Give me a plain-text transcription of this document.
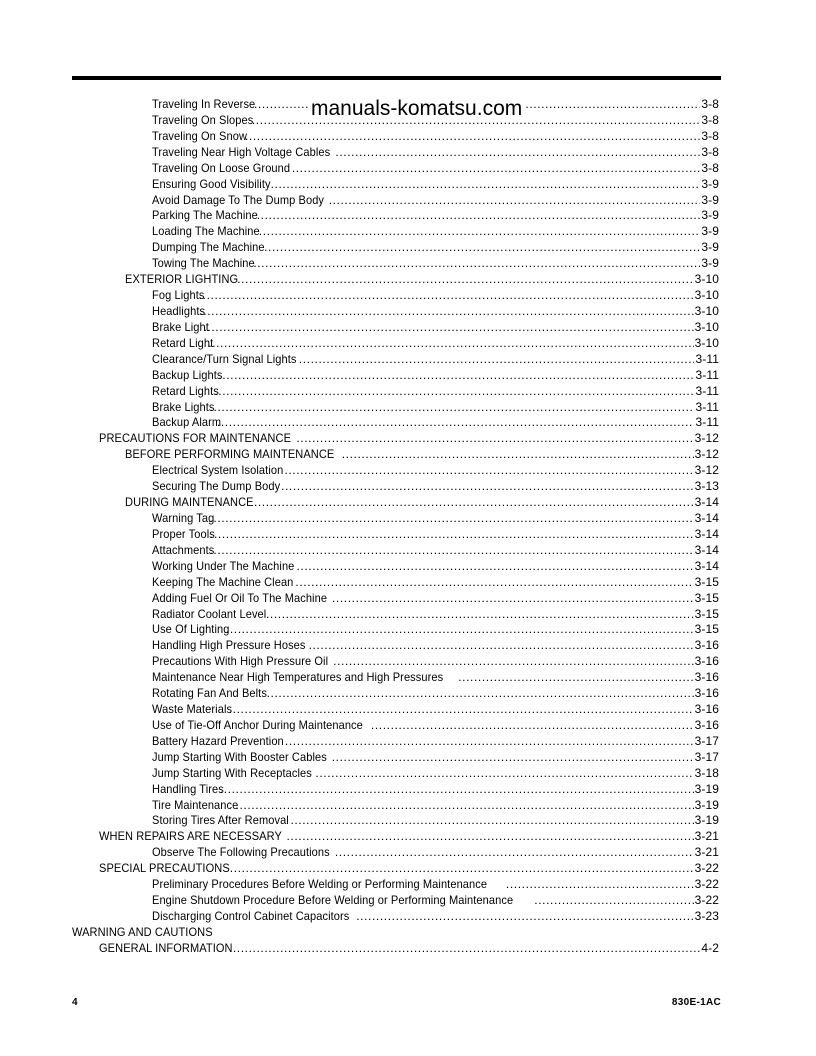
manuals-komatsu.com
Traveling In Reverse .....	3-8
Traveling On Slopes .....	3-8
Traveling On Snow .....	3-8
Traveling Near High Voltage Cables .....	3-8
Traveling On Loose Ground .....	3-8
Ensuring Good Visibility .....	3-9
Avoid Damage To The Dump Body .....	3-9
Parking The Machine .....	3-9
Loading The Machine .....	3-9
Dumping The Machine .....	3-9
Towing The Machine .....	3-9
EXTERIOR LIGHTING .....	3-10
Fog Lights .....	3-10
Headlights .....	3-10
Brake Light .....	3-10
Retard Light .....	3-10
Clearance/Turn Signal Lights .....	3-11
Backup Lights .....	3-11
Retard Lights .....	3-11
Brake Lights .....	3-11
Backup Alarm .....	3-11
PRECAUTIONS FOR MAINTENANCE .....	3-12
BEFORE PERFORMING MAINTENANCE .....	3-12
Electrical System Isolation .....	3-12
Securing The Dump Body .....	3-13
DURING MAINTENANCE .....	3-14
Warning Tag .....	3-14
Proper Tools .....	3-14
Attachments .....	3-14
Working Under The Machine .....	3-14
Keeping The Machine Clean .....	3-15
Adding Fuel Or Oil To The Machine .....	3-15
Radiator Coolant Level .....	3-15
Use Of Lighting .....	3-15
Handling High Pressure Hoses .....	3-16
Precautions With High Pressure Oil .....	3-16
Maintenance Near High Temperatures and High Pressures .....	3-16
Rotating Fan And Belts .....	3-16
Waste Materials .....	3-16
Use of Tie-Off Anchor During Maintenance .....	3-16
Battery Hazard Prevention .....	3-17
Jump Starting With Booster Cables .....	3-17
Jump Starting With Receptacles .....	3-18
Handling Tires .....	3-19
Tire Maintenance .....	3-19
Storing Tires After Removal .....	3-19
WHEN REPAIRS ARE NECESSARY .....	3-21
Observe The Following Precautions .....	3-21
SPECIAL PRECAUTIONS .....	3-22
Preliminary Procedures Before Welding or Performing Maintenance .....	3-22
Engine Shutdown Procedure Before Welding or Performing Maintenance .....	3-22
Discharging Control Cabinet Capacitors .....	3-23
WARNING AND CAUTIONS
GENERAL INFORMATION .....	4-2
4	830E-1AC
